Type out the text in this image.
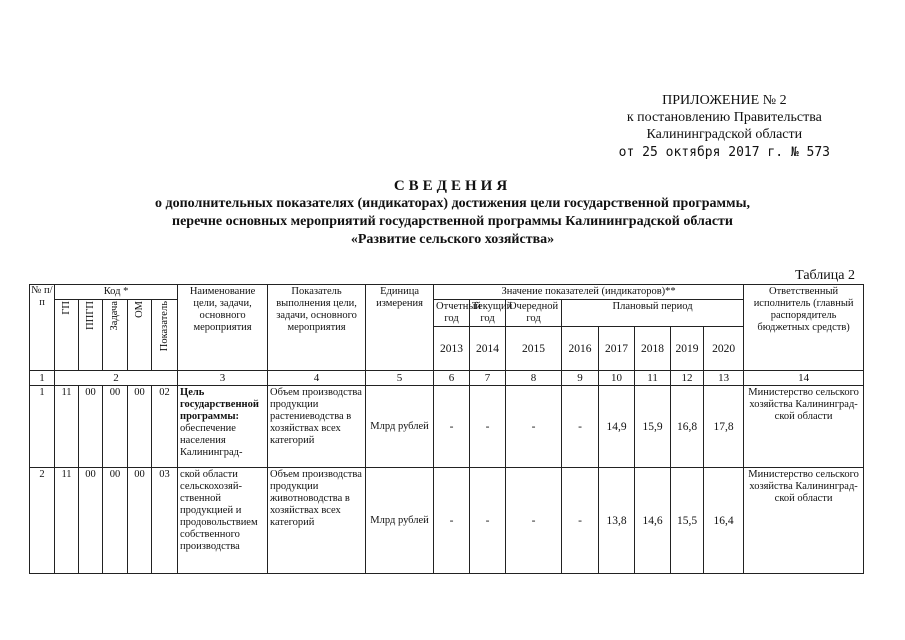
ПРИЛОЖЕНИЕ № 2
к постановлению Правительства
Калининградской области
от 25 октября 2017 г. № 573
СВЕДЕНИЯ
о дополнительных показателях (индикаторах) достижения цели государственной программы,
перечне основных мероприятий государственной программы Калининградской области
«Развитие сельского хозяйства»
Таблица 2
№ п/п	Код *					Наименование цели, задачи, основного мероприятия	Показатель выполнения цели, задачи, основного мероприятия	Единица измерения	Значение показателей (индикаторов)**								Ответственный исполнитель (главный распорядитель бюджетных средств)

	ГП	ППГП	Задача	ОМ	Показатель				Отчетный год	Текущий год	Очередной год	Плановый период					
									2013	2014	2015	2016	2017	2018	2019	2020	
1	2					3	4	5	6	7	8	9	10	11	12	13	14
1	11	00	00	00	02	Цель государственной программы: обеспечение населения Калининград-	Объем производства продукции растениеводства в хозяйствах всех категорий	Млрд рублей	-	-	-	-	14,9	15,9	16,8	17,8	Министерство сельского хозяйства Калининград-ской области
2	11	00	00	00	03	ской области сельскохозяй-ственной продукцией и продовольствием собственного производства	Объем производства продукции животноводства в хозяйствах всех категорий	Млрд рублей	-	-	-	-	13,8	14,6	15,5	16,4	Министерство сельского хозяйства Калининград-ской области
